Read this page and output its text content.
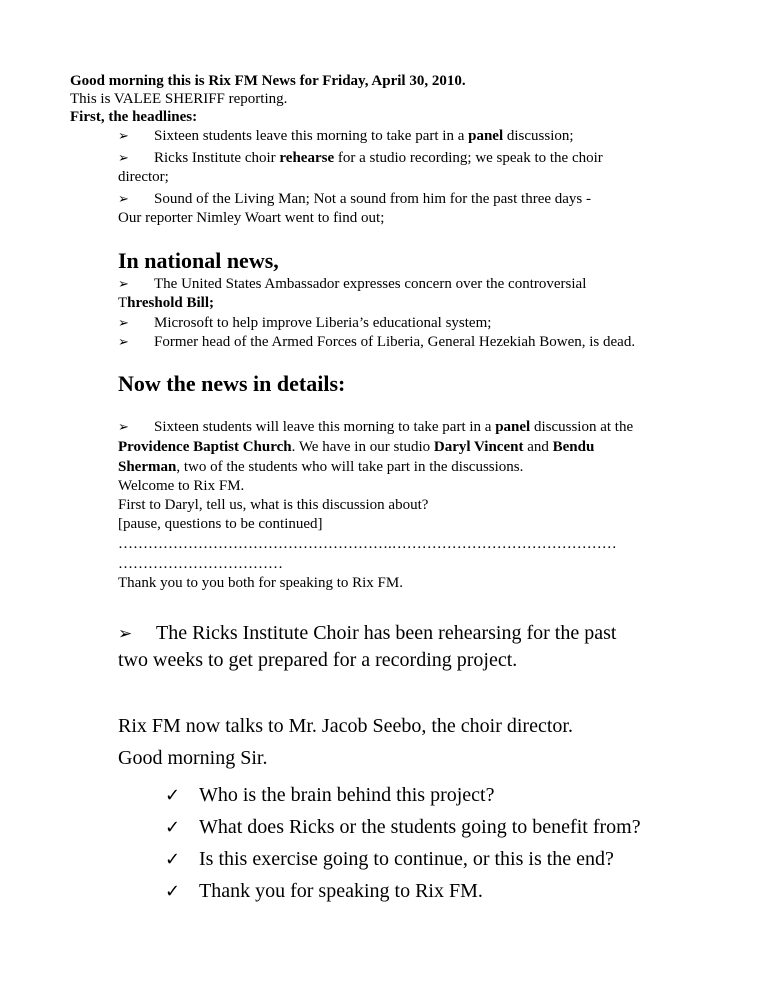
Good morning this is Rix FM News for Friday, April 30, 2010.
This is VALEE SHERIFF reporting.
First, the headlines:
➢ Sixteen students leave this morning to take part in a panel discussion;
➢ Ricks Institute choir rehearse for a studio recording; we speak to the choir
director;
➢ Sound of the Living Man; Not a sound from him for the past three days -
Our reporter Nimley Woart went to find out;
In national news,
➢ The United States Ambassador expresses concern over the controversial
Threshold Bill;
➢ Microsoft to help improve Liberia’s educational system;
➢ Former head of the Armed Forces of Liberia, General Hezekiah Bowen, is dead.
Now the news in details:
➢ Sixteen students will leave this morning to take part in a panel discussion at the
Providence Baptist Church. We have in our studio Daryl Vincent and Bendu
Sherman, two of the students who will take part in the discussions.
Welcome to Rix FM.
First to Daryl, tell us, what is this discussion about?
[pause, questions to be continued]
……………………………………………….………………………………………
……………………………
Thank you to you both for speaking to Rix FM.
➢ The Ricks Institute Choir has been rehearsing for the past
two weeks to get prepared for a recording project.
Rix FM now talks to Mr. Jacob Seebo, the choir director.
Good morning Sir.
✓ Who is the brain behind this project?
✓ What does Ricks or the students going to benefit from?
✓ Is this exercise going to continue, or this is the end?
✓ Thank you for speaking to Rix FM.
